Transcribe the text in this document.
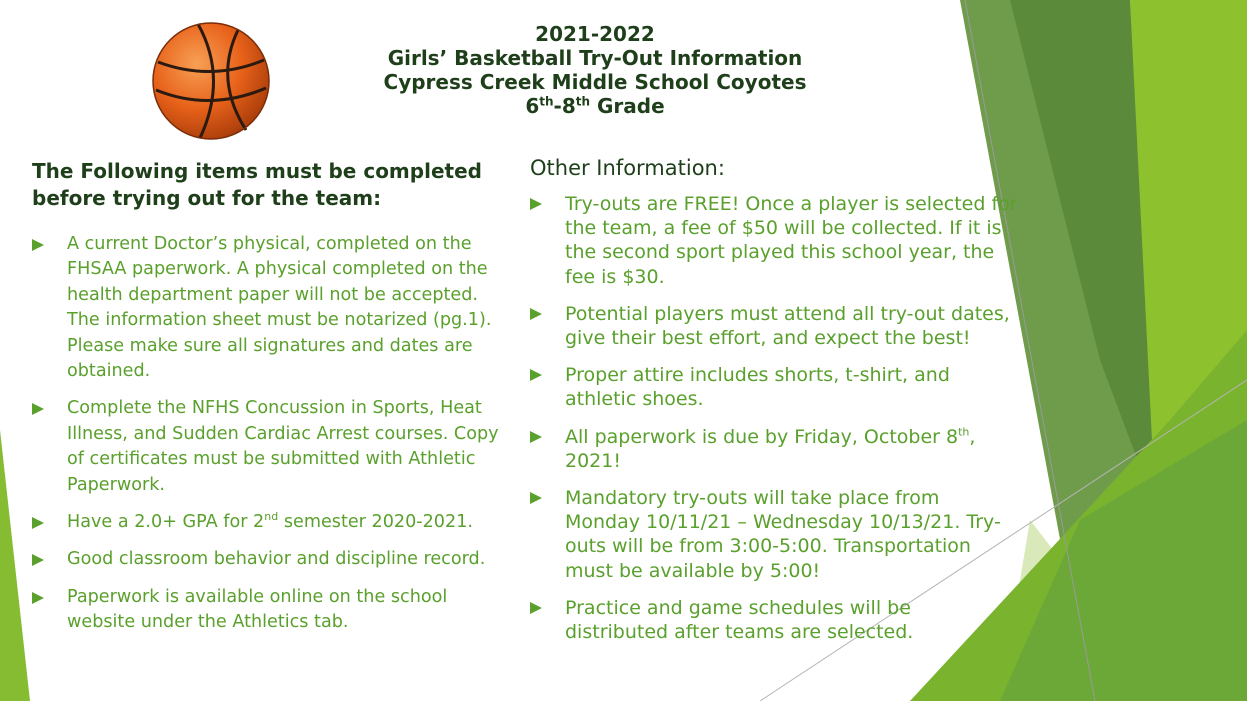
2021-2022
Girls’ Basketball Try-Out Information
Cypress Creek Middle School Coyotes
6th-8th Grade

The Following items must be completed before trying out for the team:

A current Doctor’s physical, completed on the FHSAA paperwork. A physical completed on the health department paper will not be accepted. The information sheet must be notarized (pg.1). Please make sure all signatures and dates are obtained.
Complete the NFHS Concussion in Sports, Heat Illness, and Sudden Cardiac Arrest courses. Copy of certificates must be submitted with Athletic Paperwork.
Have a 2.0+ GPA for 2nd semester 2020-2021.
Good classroom behavior and discipline record.
Paperwork is available online on the school website under the Athletics tab.

Other Information:

Try-outs are FREE! Once a player is selected for the team, a fee of $50 will be collected. If it is the second sport played this school year, the fee is $30.
Potential players must attend all try-out dates, give their best effort, and expect the best!
Proper attire includes shorts, t-shirt, and athletic shoes.
All paperwork is due by Friday, October 8th, 2021!
Mandatory try-outs will take place from Monday 10/11/21 – Wednesday 10/13/21. Try-outs will be from 3:00-5:00. Transportation must be available by 5:00!
Practice and game schedules will be distributed after teams are selected.
